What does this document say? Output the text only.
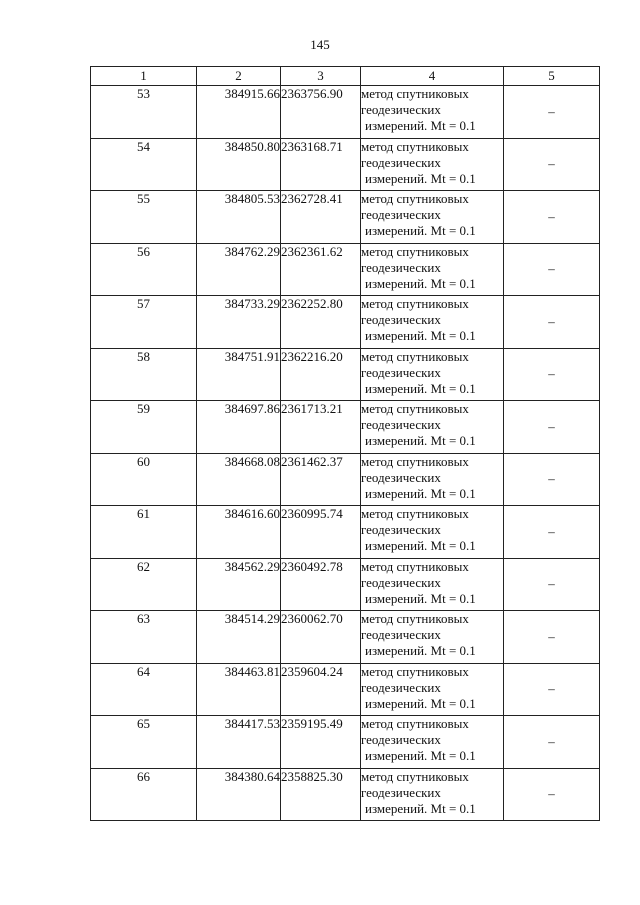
145
1	2	3	4	5
53	384915.66	2363756.90	метод спутниковых
геодезических
измерений. Mt = 0.1	–
54	384850.80	2363168.71	метод спутниковых
геодезических
измерений. Mt = 0.1	–
55	384805.53	2362728.41	метод спутниковых
геодезических
измерений. Mt = 0.1	–
56	384762.29	2362361.62	метод спутниковых
геодезических
измерений. Mt = 0.1	–
57	384733.29	2362252.80	метод спутниковых
геодезических
измерений. Mt = 0.1	–
58	384751.91	2362216.20	метод спутниковых
геодезических
измерений. Mt = 0.1	–
59	384697.86	2361713.21	метод спутниковых
геодезических
измерений. Mt = 0.1	–
60	384668.08	2361462.37	метод спутниковых
геодезических
измерений. Mt = 0.1	–
61	384616.60	2360995.74	метод спутниковых
геодезических
измерений. Mt = 0.1	–
62	384562.29	2360492.78	метод спутниковых
геодезических
измерений. Mt = 0.1	–
63	384514.29	2360062.70	метод спутниковых
геодезических
измерений. Mt = 0.1	–
64	384463.81	2359604.24	метод спутниковых
геодезических
измерений. Mt = 0.1	–
65	384417.53	2359195.49	метод спутниковых
геодезических
измерений. Mt = 0.1	–
66	384380.64	2358825.30	метод спутниковых
геодезических
измерений. Mt = 0.1	–
